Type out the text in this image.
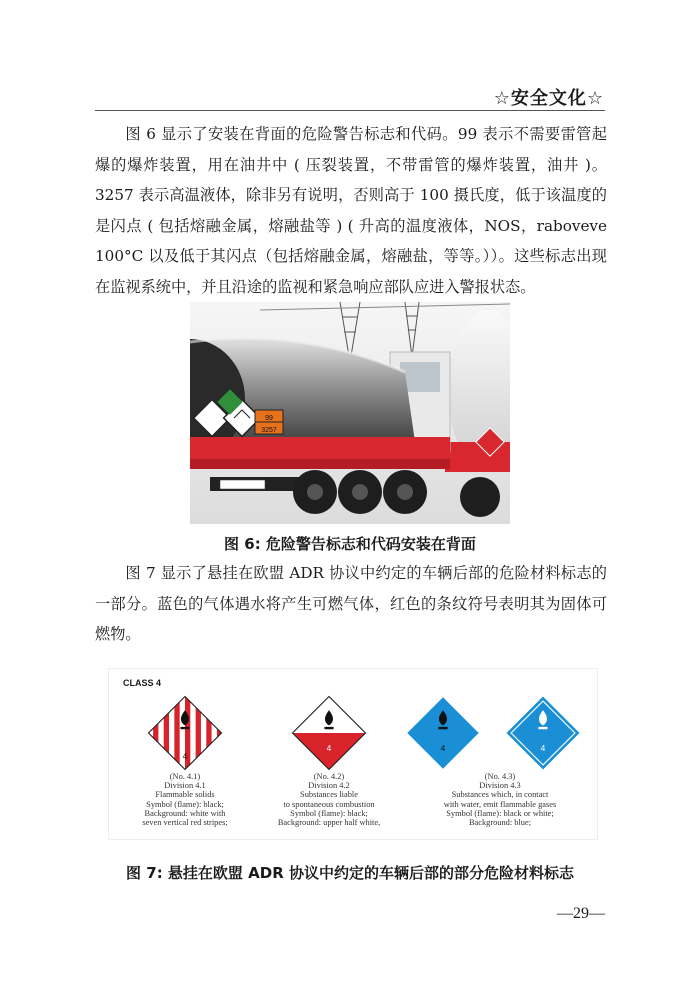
☆安全文化☆

图 6 显示了安装在背面的危险警告标志和代码。99 表示不需要雷管起爆的爆炸装置，用在油井中 ( 压裂装置，不带雷管的爆炸装置，油井 )。3257 表示高温液体，除非另有说明，否则高于 100 摄氏度，低于该温度的是闪点 ( 包括熔融金属，熔融盐等 ) ( 升高的温度液体，NOS，raboveve 100°C 以及低于其闪点（包括熔融金属，熔融盐，等等。））。这些标志出现在监视系统中，并且沿途的监视和紧急响应部队应进入警报状态。

99
3257
图 6: 危险警告标志和代码安装在背面

图 7 显示了悬挂在欧盟 ADR 协议中约定的车辆后部的危险材料标志的一部分。蓝色的气体遇水将产生可燃气体，红色的条纹符号表明其为固体可燃物。

CLASS 4
4
4	4	4
(No. 4.1)
Division 4.1
Flammable solids
Symbol (flame): black;
Background: white with
seven vertical red stripes;
(No. 4.2)
Division 4.2
Substances liable
to spontaneous combustion
Symbol (flame): black;
Background: upper half white,
(No. 4.3)
Division 4.3
Substances which, in contact
with water, emit flammable gases
Symbol (flame): black or white;
Background: blue;
图 7: 悬挂在欧盟 ADR 协议中约定的车辆后部的部分危险材料标志
—29—
